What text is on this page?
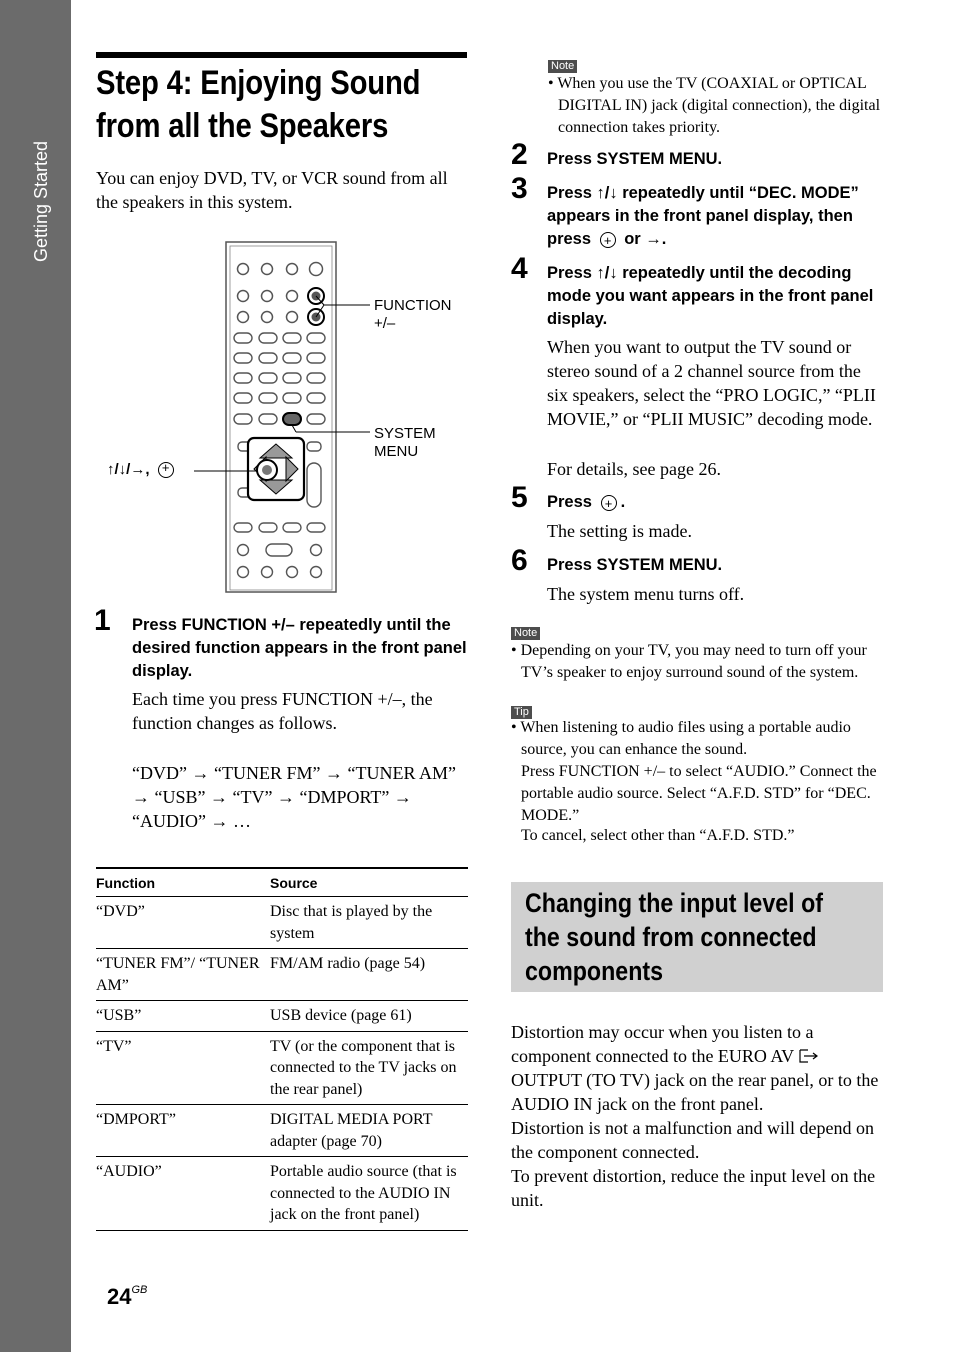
Getting Started
Step 4: Enjoying Sound
from all the Speakers
You can enjoy DVD, TV, or VCR sound from all the speakers in this system.
FUNCTION +/–
SYSTEM MENU
↑/↓/→, +
1 Press FUNCTION +/– repeatedly until the desired function appears in the front panel display.
Each time you press FUNCTION +/–, the function changes as follows.
“DVD” → “TUNER FM” → “TUNER AM” → “USB” → “TV” → “DMPORT” → “AUDIO” → …
Function	Source
“DVD”	Disc that is played by the system
“TUNER FM”/ “TUNER AM”	FM/AM radio (page 54)
“USB”	USB device (page 61)
“TV”	TV (or the component that is connected to the TV jacks on the rear panel)
“DMPORT”	DIGITAL MEDIA PORT adapter (page 70)
“AUDIO”	Portable audio source (that is connected to the AUDIO IN jack on the front panel)
Note
• When you use the TV (COAXIAL or OPTICAL DIGITAL IN) jack (digital connection), the digital connection takes priority.
2 Press SYSTEM MENU.
3 Press ↑/↓ repeatedly until “DEC. MODE” appears in the front panel display, then press + or →.
4 Press ↑/↓ repeatedly until the decoding mode you want appears in the front panel display.
When you want to output the TV sound or stereo sound of a 2 channel source from the six speakers, select the “PRO LOGIC,” “PLII MOVIE,” or “PLII MUSIC” decoding mode.
For details, see page 26.
5 Press + .
The setting is made.
6 Press SYSTEM MENU.
The system menu turns off.
Note
• Depending on your TV, you may need to turn off your TV’s speaker to enjoy surround sound of the system.
Tip
• When listening to audio files using a portable audio source, you can enhance the sound.
Press FUNCTION +/– to select “AUDIO.” Connect the portable audio source. Select “A.F.D. STD” for “DEC. MODE.”
To cancel, select other than “A.F.D. STD.”
Changing the input level of the sound from connected components
Distortion may occur when you listen to a component connected to the EURO AV  OUTPUT (TO TV) jack on the rear panel, or to the AUDIO IN jack on the front panel.
Distortion is not a malfunction and will depend on the component connected.
To prevent distortion, reduce the input level on the unit.
$24^{GB}$
